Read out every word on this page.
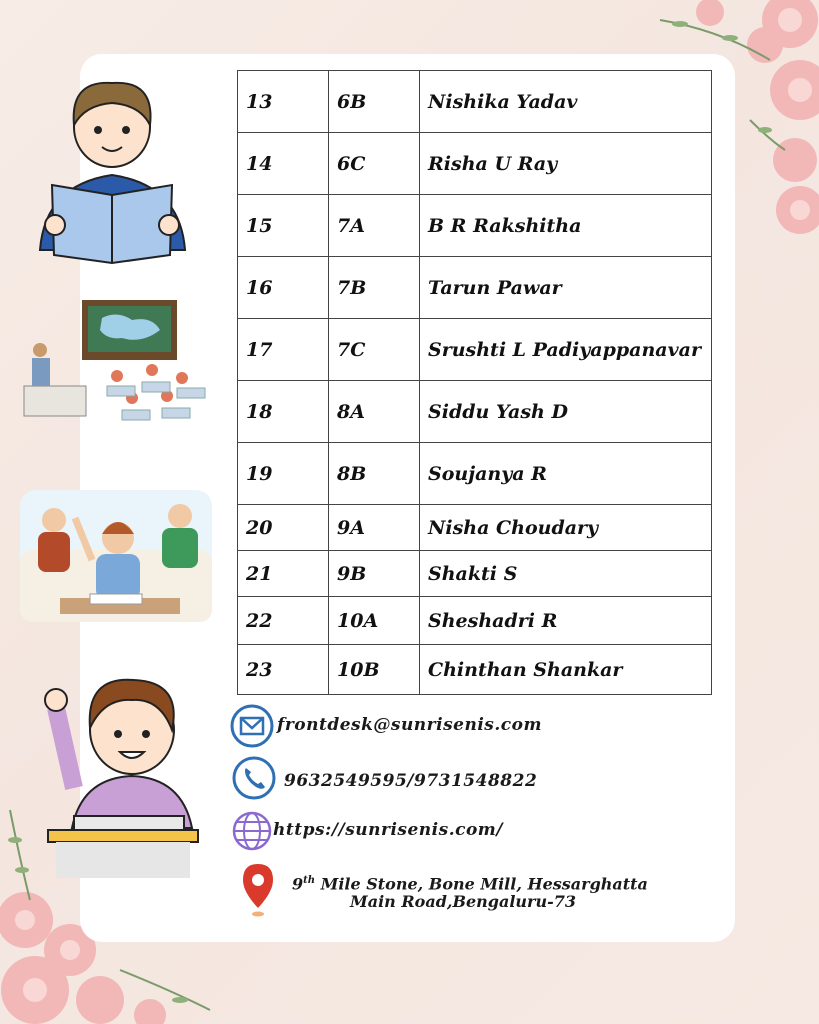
13	6B	Nishika Yadav
14	6C	Risha U Ray
15	7A	B R Rakshitha
16	7B	Tarun Pawar
17	7C	Srushti L Padiyappanavar
18	8A	Siddu Yash D
19	8B	Soujanya R
20	9A	Nisha Choudary
21	9B	Shakti S
22	10A	Sheshadri R
23	10B	Chinthan Shankar
frontdesk@sunrisenis.com
9632549595/9731548822
https://sunrisenis.com/
9th Mile Stone, Bone Mill, Hessarghatta
Main Road,Bengaluru-73
